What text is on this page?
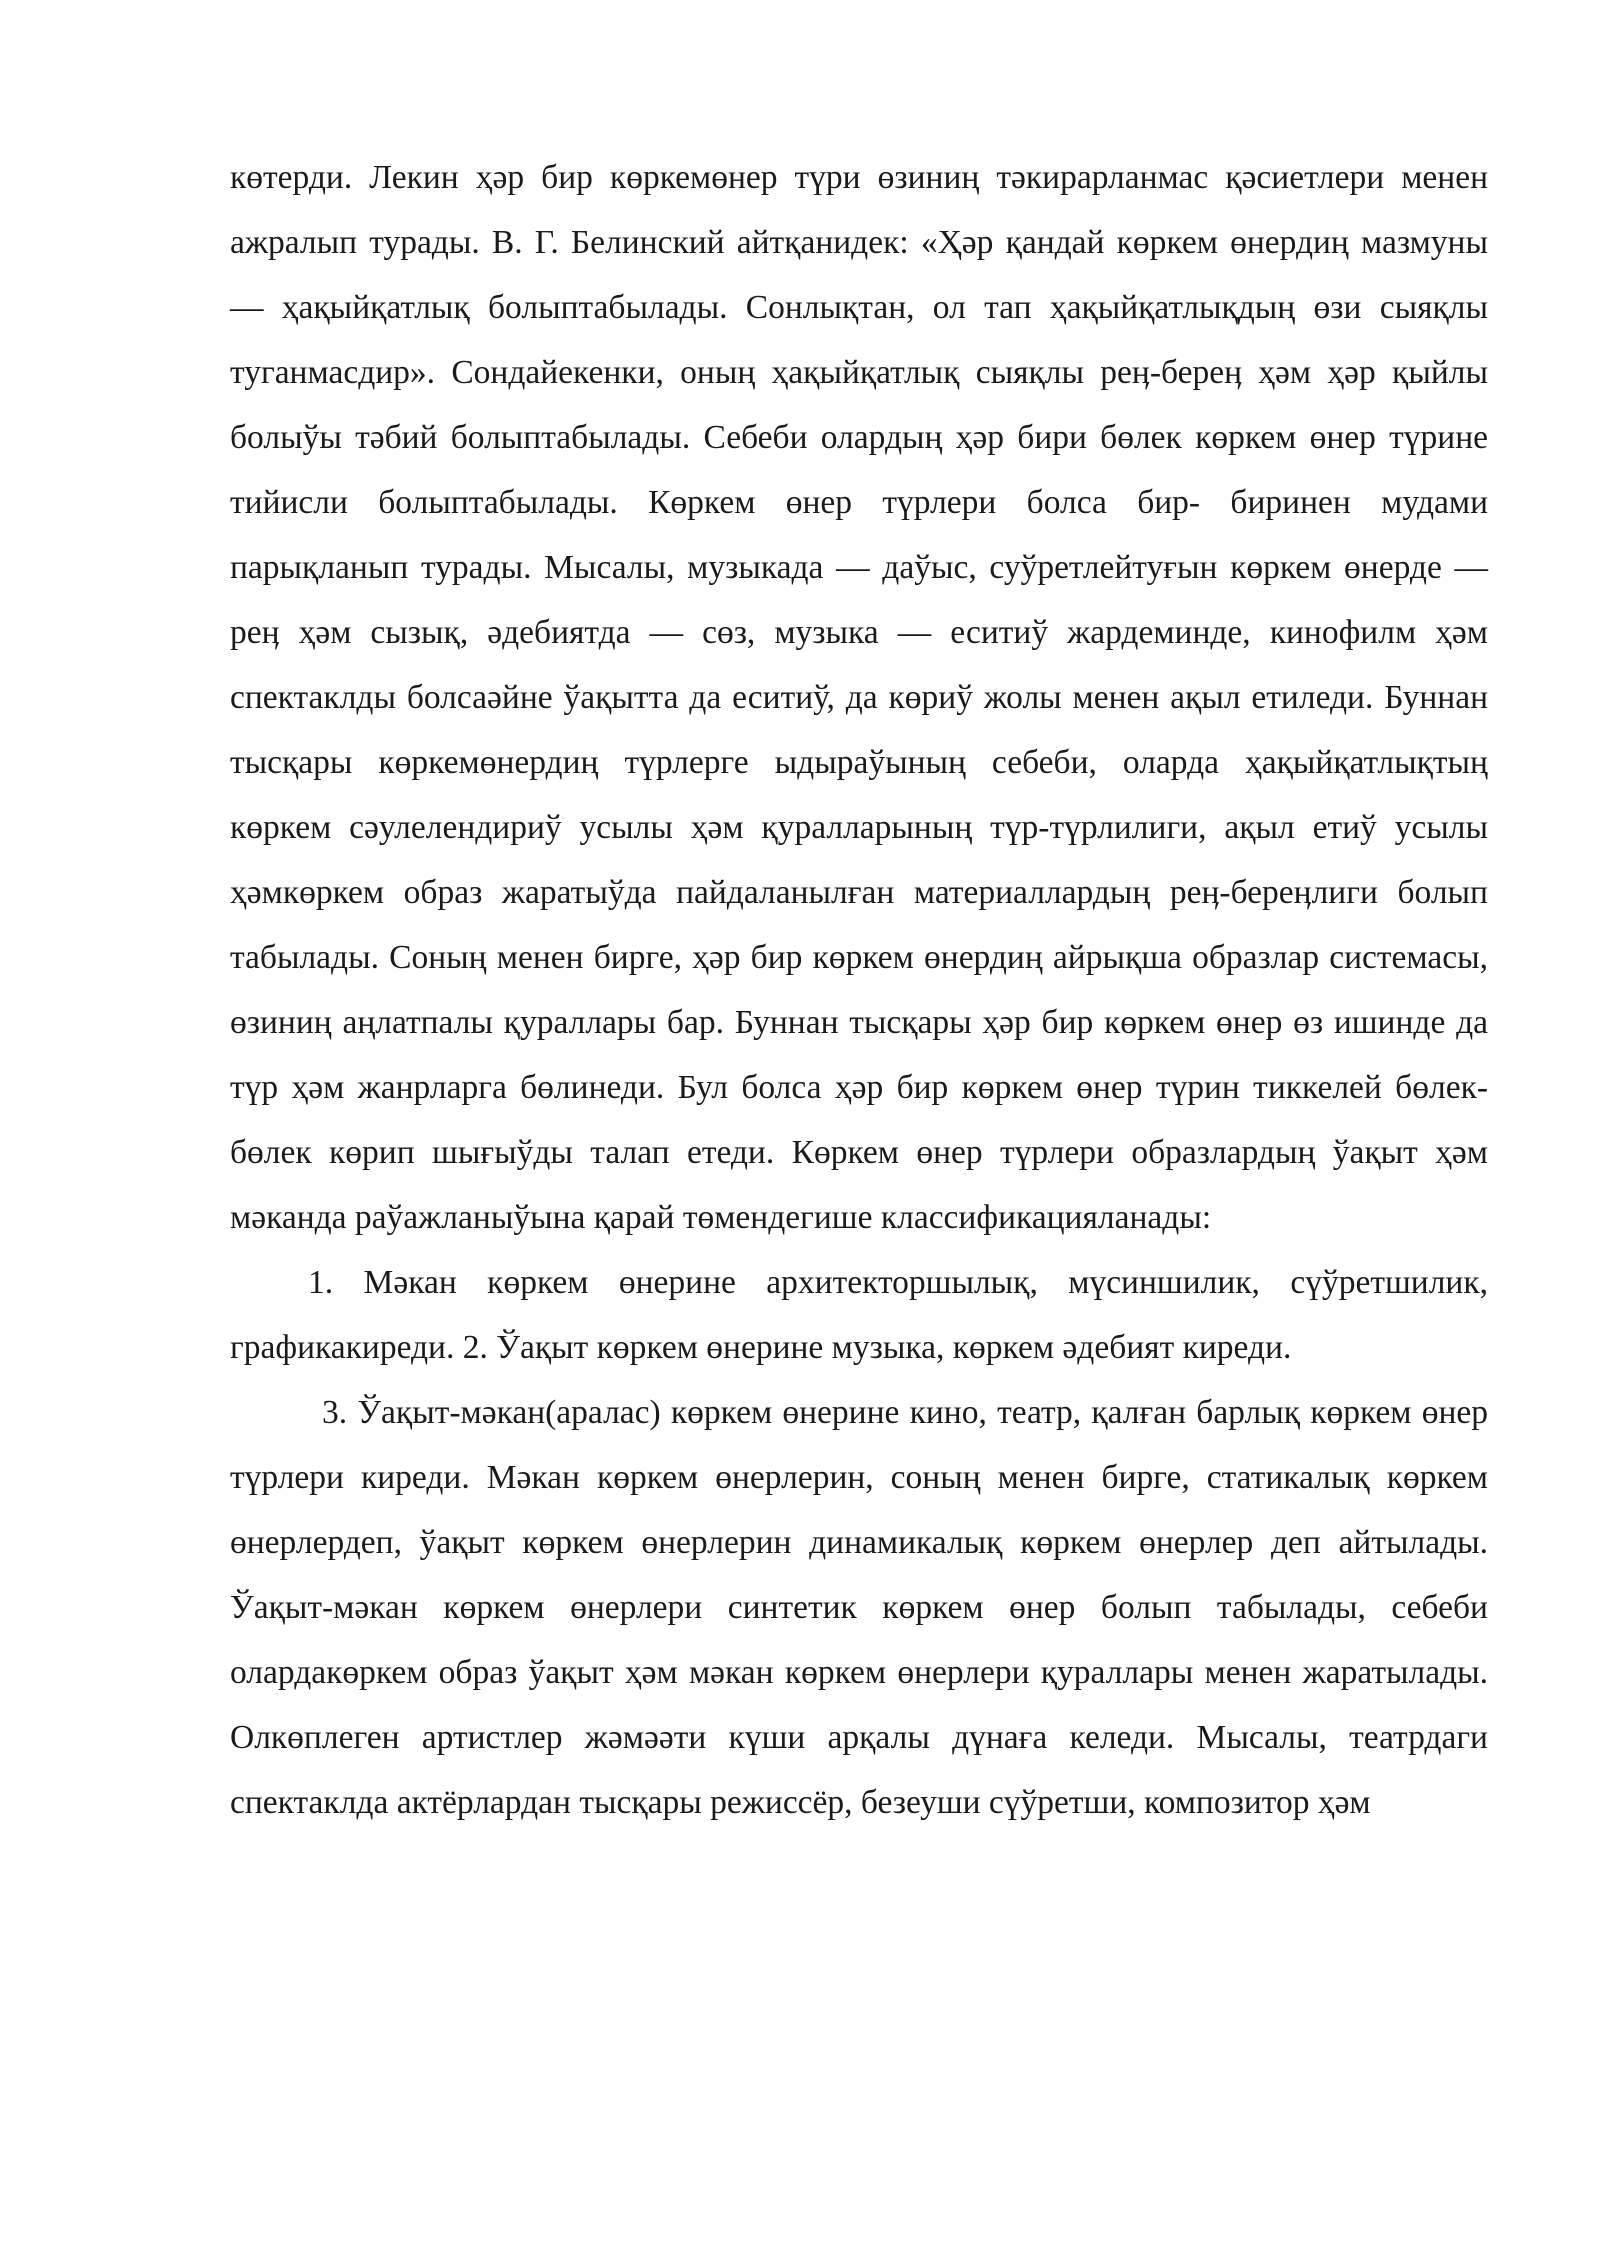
көтерди. Лекин ҳәр бир көркемөнер түри өзиниң тәкирарланмас қәсиетлери менен ажралып турады. В. Г. Белинский айтқанидек: «Ҳәр қандай көркем өнердиң мазмуны — ҳақыйқатлық болыптабылады. Сонлықтан, ол тап ҳақыйқатлықдың өзи сыяқлы туганмасдир». Сондайекенки, оның ҳақыйқатлық сыяқлы реӊ-береӊ ҳәм ҳәр қыйлы болыўы тәбий болыптабылады. Себеби олардың ҳәр бири бөлек көркем өнер түрине тийисли болыптабылады. Көркем өнер түрлери болса бир- биринен мудами парықланып турады. Мысалы, музыкада — даўыс, суўретлейтуғын көркем өнерде — реӊ ҳәм сызық, әдебиятда — сөз, музыка — еситиў жардеминде, кинофилм ҳәм спектаклды болсаәйне ўақытта да еситиў, да көриў жолы менен ақыл етиледи. Буннан тысқары көркемөнердиң түрлерге ыдыраўының себеби, оларда ҳақыйқатлықтың көркем сәулелендириў усылы ҳәм қуралларының түр-түрлилиги, ақыл етиў усылы ҳәмкөркем образ жаратыўда пайдаланылған материаллардың реӊ-береӊлиги болып табылады. Соның менен бирге, ҳәр бир көркем өнердиң айрықша образлар системасы, өзиниң аңлатпалы қураллары бар. Буннан тысқары ҳәр бир көркем өнер өз ишинде да түр ҳәм жанрларга бөлинеди. Бул болса ҳәр бир көркем өнер түрин тиккелей бөлек-бөлек көрип шығыўды талап етеди. Көркем өнер түрлери образлардың ўақыт ҳәм мәканда раўажланыўына қарай төмендегише классификацияланады:

1. Мәкан көркем өнерине архитекторшылық, мүсиншилик, сүўретшилик, графикакиреди. 2. Ўақыт көркем өнерине музыка, көркем әдебият киреди.

3. Ўақыт-мәкан(аралас) көркем өнерине кино, театр, қалған барлық көркем өнер түрлери киреди. Мәкан көркем өнерлерин, соның менен бирге, статикалық көркем өнерлердеп, ўақыт көркем өнерлерин динамикалық көркем өнерлер деп айтылады. Ўақыт-мәкан көркем өнерлери синтетик көркем өнер болып табылады, себеби олардакөркем образ ўақыт ҳәм мәкан көркем өнерлери қураллары менен жаратылады. Олкөплеген артистлер жәмәәти күши арқалы дүнаға келеди. Мысалы, театрдаги спектаклда актёрлардан тысқары режиссёр, безеуши сүўретши, композитор ҳәм
